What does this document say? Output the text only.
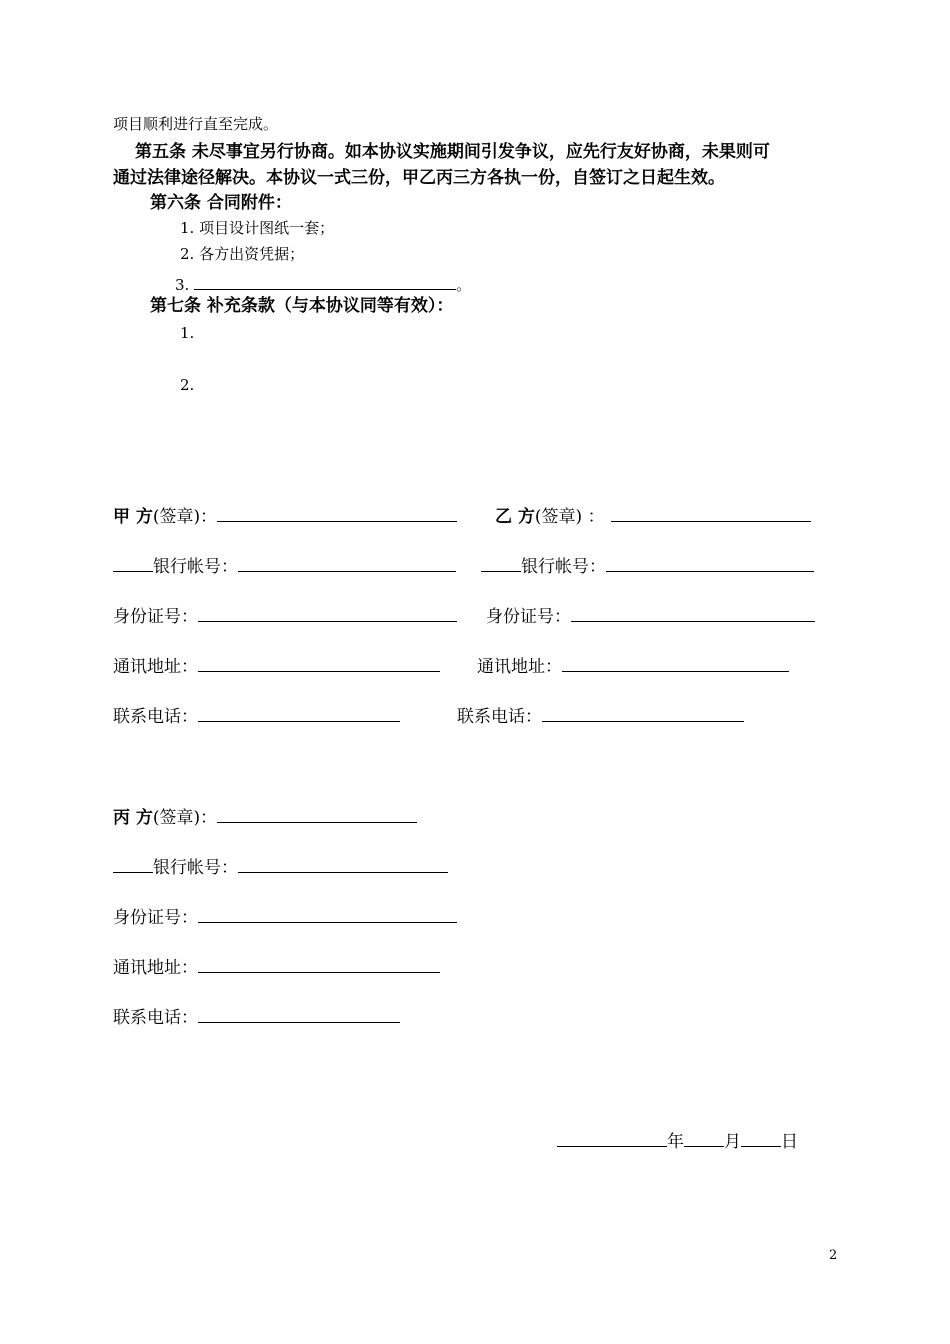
项目顺利进行直至完成。
第五条 未尽事宜另行协商。如本协议实施期间引发争议，应先行友好协商，未果则可
通过法律途径解决。本协议一式三份，甲乙丙三方各执一份，自签订之日起生效。
第六条 合同附件：
1. 项目设计图纸一套；
2. 各方出资凭据；
3.	。
第七条 补充条款（与本协议同等有效）：
1.
2.
甲 方(签章)：
银行帐号：
身份证号：
通讯地址：
联系电话：
乙 方(签章) ：
银行帐号：
身份证号：
通讯地址：
联系电话：
丙 方(签章)：
银行帐号：
身份证号：
通讯地址：
联系电话：
年 月 日
2
